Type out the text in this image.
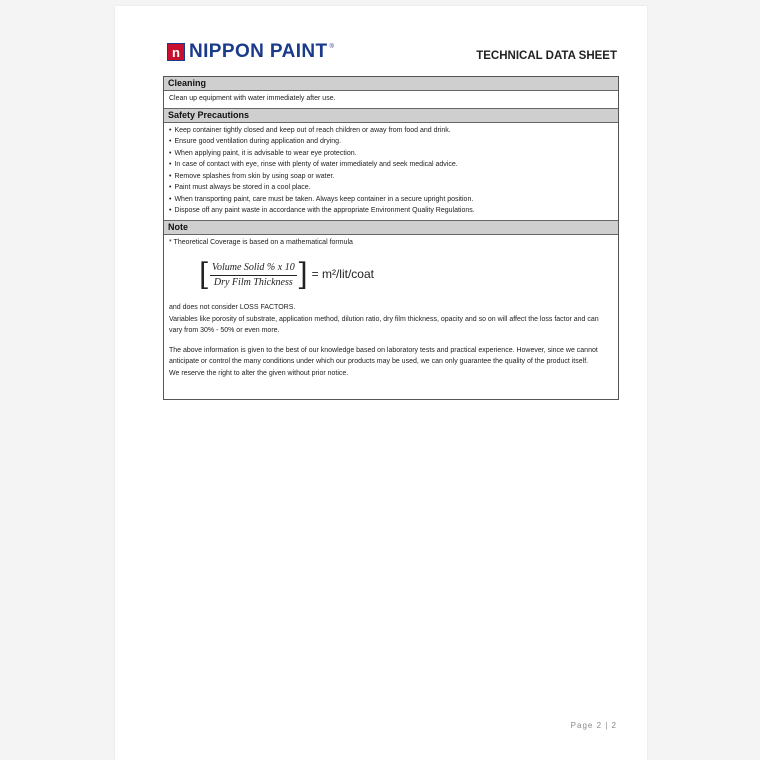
n NIPPON PAINT ®
TECHNICAL DATA SHEET
Cleaning
Clean up equipment with water immediately after use.
Safety Precautions
• Keep container tightly closed and keep out of reach children or away from food and drink.
• Ensure good ventilation during application and drying.
• When applying paint, it is advisable to wear eye protection.
• In case of contact with eye, rinse with plenty of water immediately and seek medical advice.
• Remove splashes from skin by using soap or water.
• Paint must always be stored in a cool place.
• When transporting paint, care must be taken. Always keep container in a secure upright position.
• Dispose off any paint waste in accordance with the appropriate Environment Quality Regulations.
Note
* Theoretical Coverage is based on a mathematical formula
[ $\frac{\text{Volume Solid \% x 10}}{\text{Dry Film Thickness}}$ ] = m²/lit/coat

and does not consider LOSS FACTORS.

Variables like porosity of substrate, application method, dilution ratio, dry film thickness, opacity and so on will affect the loss factor and can vary from 30% - 50% or even more.

The above information is given to the best of our knowledge based on laboratory tests and practical experience. However, since we cannot anticipate or control the many conditions under which our products may be used, we can only guarantee the quality of the product itself.

We reserve the right to alter the given without prior notice.

Page 2 | 2
